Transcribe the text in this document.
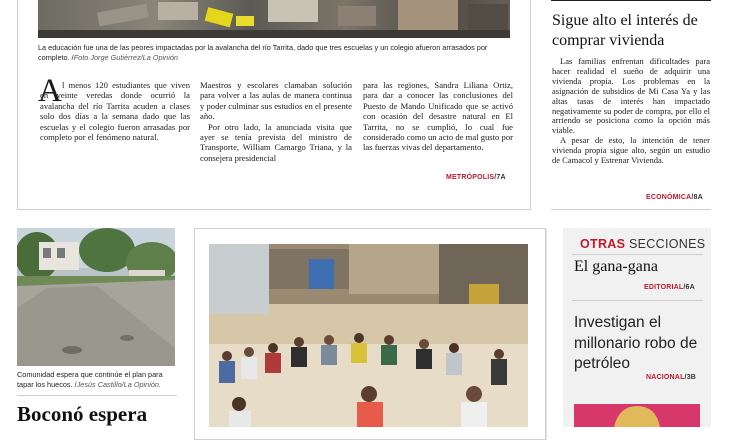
La educación fue una de las peores impactadas por la avalancha del río Tarrita, dado que tres escuelas y un colegio afueron arrasados por completo. /Foto Jorge Gutiérrez/La Opinión
A l menos 120 estudiantes que viven en veinte veredas donde ocurrió la avalancha del río Tarrita acuden a clases solo dos días a la semana dado que las escuelas y el colegio fueron arrasadas por completo por el fenómeno natural.

Maestros y escolares clamaban solución para volver a las aulas de manera continua y poder culminar sus estudios en el presente año.

Por otro lado, la anunciada visita que ayer se tenía prevista del ministro de Transporte, William Camargo Triana, y la consejera presidencial

para las regiones, Sandra Liliana Ortiz, para dar a conocer las conclusiones del Puesto de Mando Unificado que se activó con ocasión del desastre natural en El Tarrita, no se cumplió, lo cual fue considerado como un acto de mal gusto por las fuerzas vivas del departamento.

METRÓPOLIS/7A
Sigue alto el interés de comprar vivienda

Las familias enfrentan dificultades para hacer realidad el sueño de adquirir una vivienda propia. Los problemas en la asignación de subsidios de Mi Casa Ya y las altas tasas de interés han impactado negativamente su poder de compra, por ello el arriendo se posiciona como la opción más viable.

A pesar de esto, la intención de tener vivienda propia sigue alto, según un estudio de Camacol y Estrenar Vivienda.

ECONÓMICA/8A
Comunidad espera que continúe el plan para tapar los huecos. /Jesús Castillo/La Opinión.
Boconó espera
OTRAS SECCIONES
El gana-gana
EDITORIAL/6A
Investigan el millonario robo de petróleo
NACIONAL/3B
